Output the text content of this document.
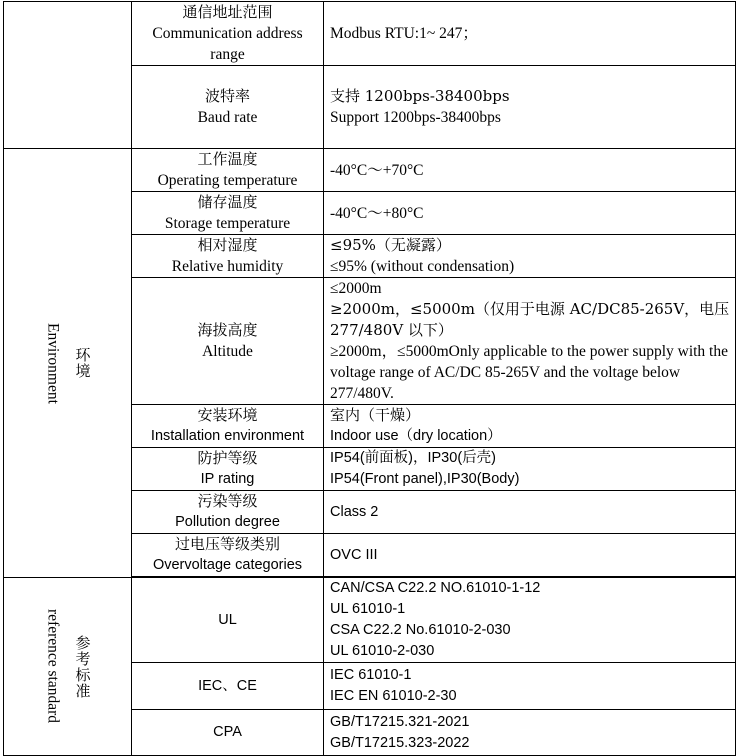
	通信地址范围
Communication address
range	Modbus RTU:1~ 247；

	波特率
Baud rate	支持 1200bps-38400bps
Support 1200bps-38400bps

Environment 环境	工作温度
Operating temperature	-40°C～+70°C

	储存温度
Storage temperature	-40°C～+80°C

	相对湿度
Relative humidity	≤95%（无凝露）
≤95% (without condensation)

	海拔高度
Altitude	≤2000m
≥2000m，≤5000m（仅用于电源 AC/DC85-265V，电压 277/480V 以下）
≥2000m，≤5000mOnly applicable to the power supply with the voltage range of AC/DC 85-265V and the voltage below 277/480V.

	安装环境
Installation environment	室内（干燥）
Indoor use（dry location）

	防护等级
IP rating	IP54(前面板)，IP30(后壳)
IP54(Front panel),IP30(Body)

	污染等级
Pollution degree	Class 2

	过电压等级类别
Overvoltage categories	OVC III

reference standard 参考标准	UL	CAN/CSA C22.2 NO.61010-1-12
UL 61010-1
CSA C22.2 No.61010-2-030
UL 61010-2-030

	IEC、CE	IEC 61010-1
IEC EN 61010-2-30

	CPA	GB/T17215.321-2021
GB/T17215.323-2022
